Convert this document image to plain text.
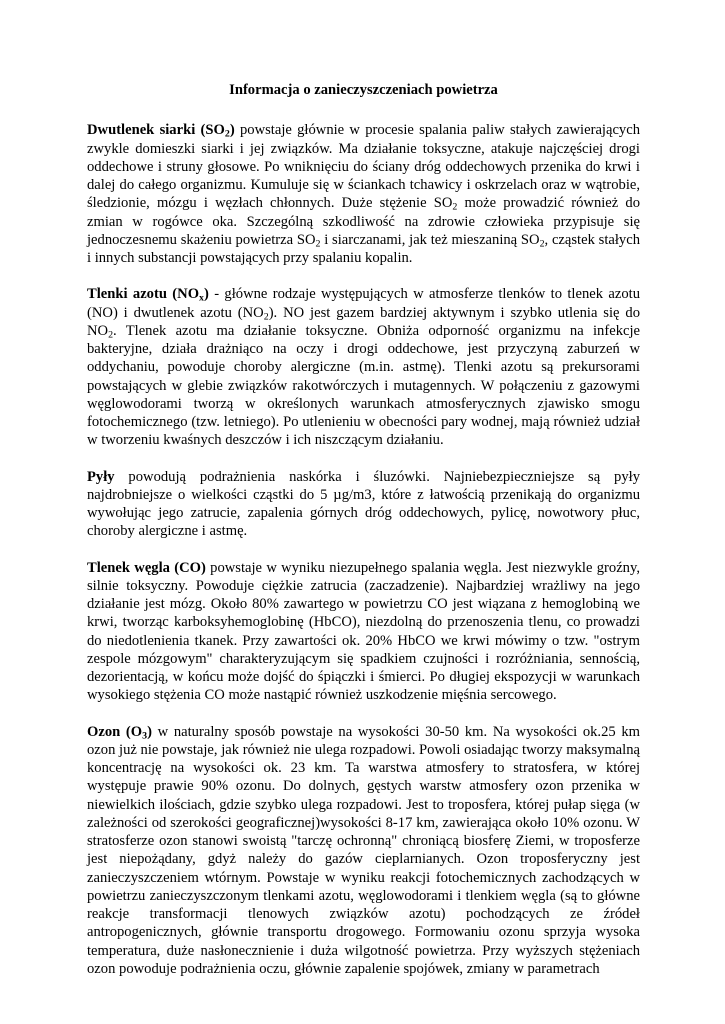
Informacja o zanieczyszczeniach powietrza

Dwutlenek siarki $(SO_2)$ powstaje głównie w procesie spalania paliw stałych zawierających zwykle domieszki siarki i jej związków. Ma działanie toksyczne, atakuje najczęściej drogi oddechowe i struny głosowe. Po wniknięciu do ściany dróg oddechowych przenika do krwi i dalej do całego organizmu. Kumuluje się w ściankach tchawicy i oskrzelach oraz w wątrobie, śledzionie, mózgu i węzłach chłonnych. Duże stężenie $SO_2$ może prowadzić również do zmian w rogówce oka. Szczególną szkodliwość na zdrowie człowieka przypisuje się jednoczesnemu skażeniu powietrza $SO_2$ i siarczanami, jak też mieszaniną $SO_2$, cząstek stałych i innych substancji powstających przy spalaniu kopalin.

Tlenki azotu $(NO_x)$ - główne rodzaje występujących w atmosferze tlenków to tlenek azotu (NO) i dwutlenek azotu $(NO_2)$. NO jest gazem bardziej aktywnym i szybko utlenia się do $NO_2$. Tlenek azotu ma działanie toksyczne. Obniża odporność organizmu na infekcje bakteryjne, działa drażniąco na oczy i drogi oddechowe, jest przyczyną zaburzeń w oddychaniu, powoduje choroby alergiczne (m.in. astmę). Tlenki azotu są prekursorami powstających w glebie związków rakotwórczych i mutagennych. W połączeniu z gazowymi węglowodorami tworzą w określonych warunkach atmosferycznych zjawisko smogu fotochemicznego (tzw. letniego). Po utlenieniu w obecności pary wodnej, mają również udział w tworzeniu kwaśnych deszczów i ich niszczącym działaniu.

Pyły powodują podrażnienia naskórka i śluzówki. Najniebezpieczniejsze są pyły najdrobniejsze o wielkości cząstki do 5 µg/m3, które z łatwością przenikają do organizmu wywołując jego zatrucie, zapalenia górnych dróg oddechowych, pylicę, nowotwory płuc, choroby alergiczne i astmę.

Tlenek węgla (CO) powstaje w wyniku niezupełnego spalania węgla. Jest niezwykle groźny, silnie toksyczny. Powoduje ciężkie zatrucia (zaczadzenie). Najbardziej wrażliwy na jego działanie jest mózg. Około 80% zawartego w powietrzu CO jest wiązana z hemoglobiną we krwi, tworząc karboksyhemoglobinę (HbCO), niezdolną do przenoszenia tlenu, co prowadzi do niedotlenienia tkanek. Przy zawartości ok. 20% HbCO we krwi mówimy o tzw. "ostrym zespole mózgowym" charakteryzującym się spadkiem czujności i rozróżniania, sennością, dezorientacją, w końcu może dojść do śpiączki i śmierci. Po długiej ekspozycji w warunkach wysokiego stężenia CO może nastąpić również uszkodzenie mięśnia sercowego.

Ozon $(O_3)$ w naturalny sposób powstaje na wysokości 30-50 km. Na wysokości ok.25 km ozon już nie powstaje, jak również nie ulega rozpadowi. Powoli osiadając tworzy maksymalną koncentrację na wysokości ok. 23 km. Ta warstwa atmosfery to stratosfera, w której występuje prawie 90% ozonu. Do dolnych, gęstych warstw atmosfery ozon przenika w niewielkich ilościach, gdzie szybko ulega rozpadowi. Jest to troposfera, której pułap sięga (w zależności od szerokości geograficznej)wysokości 8-17 km, zawierająca około 10% ozonu. W stratosferze ozon stanowi swoistą "tarczę ochronną" chroniącą biosferę Ziemi, w troposferze jest niepożądany, gdyż należy do gazów cieplarnianych. Ozon troposferyczny jest zanieczyszczeniem wtórnym. Powstaje w wyniku reakcji fotochemicznych zachodzących w powietrzu zanieczyszczonym tlenkami azotu, węglowodorami i tlenkiem węgla (są to główne reakcje transformacji tlenowych związków azotu) pochodzących ze źródeł antropogenicznych, głównie transportu drogowego. Formowaniu ozonu sprzyja wysoka temperatura, duże nasłonecznienie i duża wilgotność powietrza. Przy wyższych stężeniach ozon powoduje podrażnienia oczu, głównie zapalenie spojówek, zmiany w parametrach
